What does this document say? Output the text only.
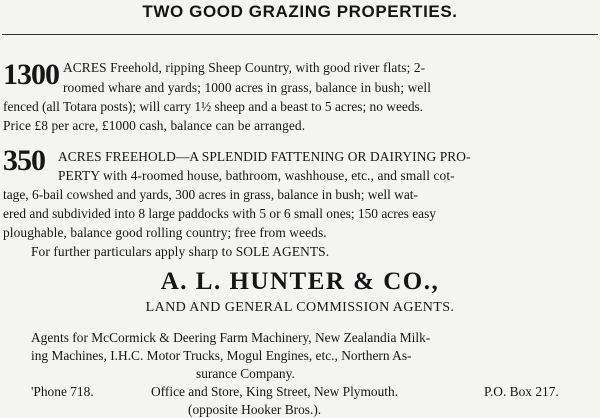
TWO GOOD GRAZING PROPERTIES.
1300 ACRES Freehold, ripping Sheep Country, with good river flats; 2-
roomed whare and yards; 1000 acres in grass, balance in bush; well
fenced (all Totara posts); will carry 1½ sheep and a beast to 5 acres; no weeds.
Price £8 per acre, £1000 cash, balance can be arranged.
350 ACRES FREEHOLD—A SPLENDID FATTENING OR DAIRYING PRO-
PERTY with 4-roomed house, bathroom, washhouse, etc., and small cot-
tage, 6-bail cowshed and yards, 300 acres in grass, balance in bush; well wat-
ered and subdivided into 8 large paddocks with 5 or 6 small ones; 150 acres easy
ploughable, balance good rolling country; free from weeds.
For further particulars apply sharp to SOLE AGENTS.
A. L. HUNTER & CO.,
LAND AND GENERAL COMMISSION AGENTS.
Agents for McCormick & Deering Farm Machinery, New Zealandia Milk-
ing Machines, I.H.C. Motor Trucks, Mogul Engines, etc., Northern As-
surance Company.
'Phone 718.	Office and Store, King Street, New Plymouth.	P.O. Box 217.
(opposite Hooker Bros.).
